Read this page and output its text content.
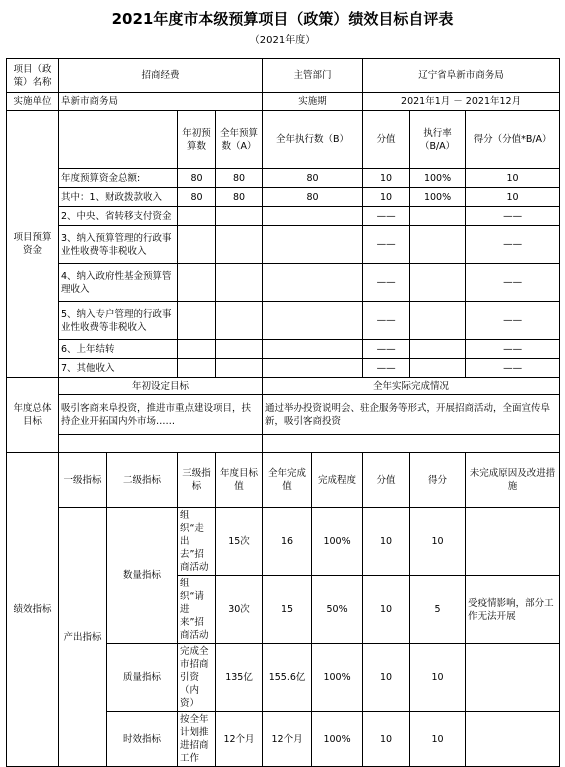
2021年度市本级预算项目（政策）绩效目标自评表
（2021年度）
项目（政策）名称	招商经费				主管部门		辽宁省阜新市商务局		
实施单位	阜新市商务局				实施期		2021年1月 － 2021年12月		
项目预算资金			年初预算数	全年预算数（A）	全年执行数（B）		分值	执行率（B/A）	得分（分值*B/A）
	年度预算资金总额:		80	80	80		10	100%	10
	其中：1、财政拨款收入		80	80	80		10	100%	10
	2、中央、省转移支付资金						——		——
	3、纳入预算管理的行政事业性收费等非税收入						——		——
	4、纳入政府性基金预算管理收入						——		——
	5、纳入专户管理的行政事业性收费等非税收入						——		——
	6、上年结转						——		——
	7、其他收入						——		——
年度总体目标	年初设定目标				全年实际完成情况				
	吸引客商来阜投资，推进市重点建设项目，扶持企业开拓国内外市场……				通过举办投资说明会、驻企服务等形式，开展招商活动，全面宣传阜新，吸引客商投资				

绩效指标	一级指标	二级指标	三级指标	年度目标值	全年完成值	完成程度	分值	得分	未完成原因及改进措施
	产出指标	数量指标	组织“走出去”招商活动	15次	16	100%	10	10	
			组织“请进来”招商活动	30次	15	50%	10	5	受疫情影响，部分工作无法开展
		质量指标	完成全市招商引资（内资）	135亿	155.6亿	100%	10	10	
		时效指标	按全年计划推进招商工作	12个月	12个月	100%	10	10	
